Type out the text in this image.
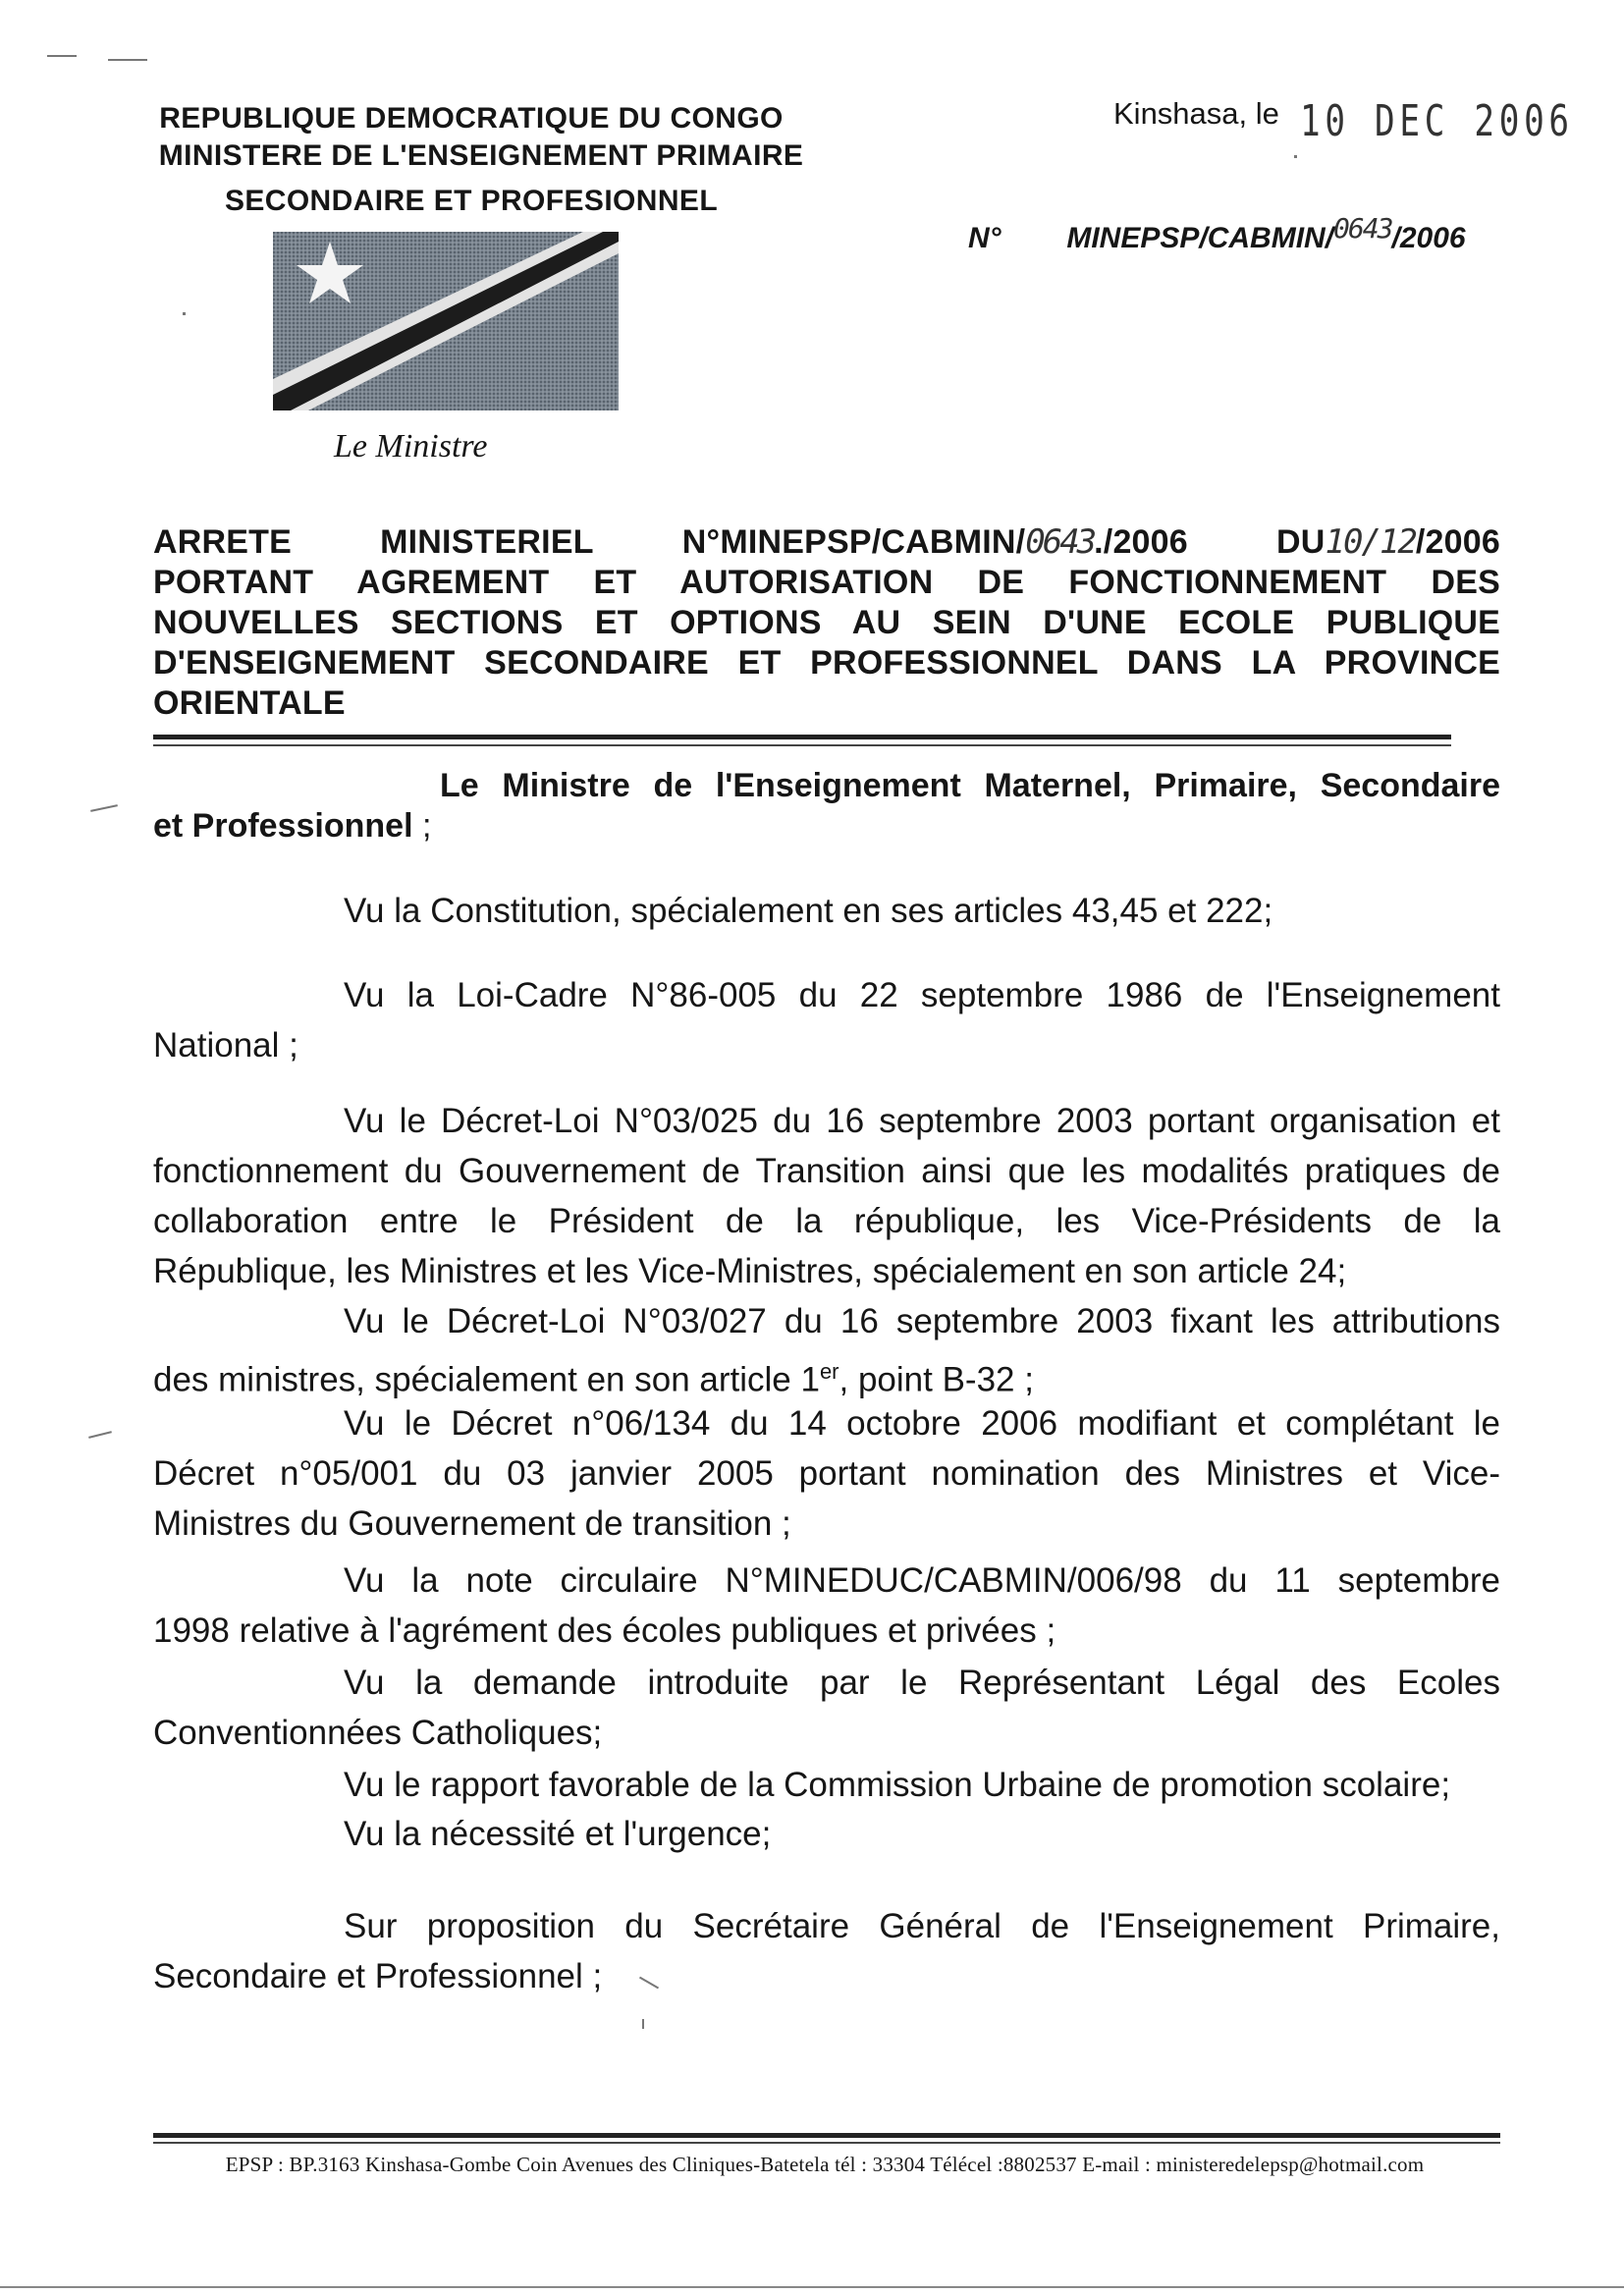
REPUBLIQUE DEMOCRATIQUE DU CONGO
MINISTERE DE L'ENSEIGNEMENT PRIMAIRE
SECONDAIRE ET PROFESIONNEL
Le Ministre
Kinshasa, le 10 DEC 2006
N° MINEPSP/CABMIN/0643/2006
ARRETE	MINISTERIEL	N°MINEPSP/CABMIN/0643./2006	DU10/12/2006
PORTANT AGREMENT ET AUTORISATION DE FONCTIONNEMENT DES
NOUVELLES SECTIONS ET OPTIONS AU SEIN D'UNE ECOLE PUBLIQUE
D'ENSEIGNEMENT SECONDAIRE ET PROFESSIONNEL DANS LA PROVINCE
ORIENTALE
Le Ministre de l'Enseignement Maternel, Primaire, Secondaire
et Professionnel ;
Vu la Constitution, spécialement en ses articles 43,45 et 222;
Vu la Loi-Cadre N°86-005 du 22 septembre 1986 de l'Enseignement
National ;
Vu le Décret-Loi N°03/025 du 16 septembre 2003 portant organisation et
fonctionnement du Gouvernement de Transition ainsi que les modalités pratiques de
collaboration entre le Président de la république, les Vice-Présidents de la
République, les Ministres et les Vice-Ministres, spécialement en son article 24;
Vu le Décret-Loi N°03/027 du 16 septembre 2003 fixant les attributions
des ministres, spécialement en son article 1er, point B-32 ;
Vu le Décret n°06/134 du 14 octobre 2006 modifiant et complétant le
Décret n°05/001 du 03 janvier 2005 portant nomination des Ministres et Vice-
Ministres du Gouvernement de transition ;
Vu la note circulaire N°MINEDUC/CABMIN/006/98 du 11 septembre
1998 relative à l'agrément des écoles publiques et privées ;
Vu la demande introduite par le Représentant Légal des Ecoles
Conventionnées Catholiques;
Vu le rapport favorable de la Commission Urbaine de promotion scolaire;
Vu la nécessité et l'urgence;
Sur proposition du Secrétaire Général de l'Enseignement Primaire,
Secondaire et Professionnel ;
EPSP : BP.3163 Kinshasa-Gombe Coin Avenues des Cliniques-Batetela tél : 33304 Télécel :8802537 E-mail : ministeredelepsp@hotmail.com
